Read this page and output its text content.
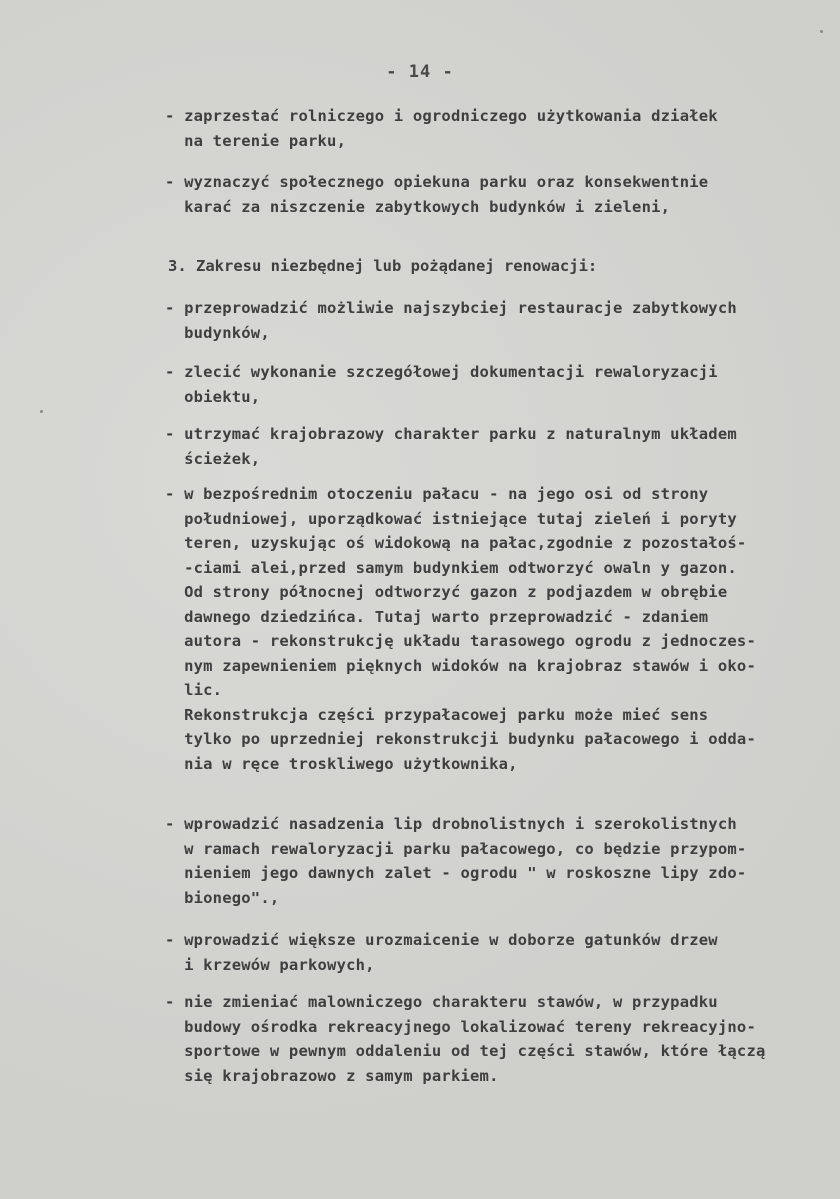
- 14 -
- zaprzestać rolniczego i ogrodniczego użytkowania działek
na terenie parku,
- wyznaczyć społecznego opiekuna parku oraz konsekwentnie
karać za niszczenie zabytkowych budynków i zieleni,
3. Zakresu niezbędnej lub pożądanej renowacji:
- przeprowadzić możliwie najszybciej restauracje zabytkowych
budynków,
- zlecić wykonanie szczegółowej dokumentacji rewaloryzacji
obiektu,
- utrzymać krajobrazowy charakter parku z naturalnym układem
ścieżek,
- w bezpośrednim otoczeniu pałacu - na jego osi od strony
południowej, uporządkować istniejące tutaj zieleń i poryty
teren, uzyskując oś widokową na pałac,zgodnie z pozostałoś-
-ciami alei,przed samym budynkiem odtworzyć owaln y gazon.
Od strony północnej odtworzyć gazon z podjazdem w obrębie
dawnego dziedzińca. Tutaj warto przeprowadzić - zdaniem
autora - rekonstrukcję układu tarasowego ogrodu z jednoczes-
nym zapewnieniem pięknych widoków na krajobraz stawów i oko-
lic.
Rekonstrukcja części przypałacowej parku może mieć sens
tylko po uprzedniej rekonstrukcji budynku pałacowego i oddа-
nia w ręce troskliwego użytkownika,
- wprowadzić nasadzenia lip drobnolistnych i szerokolistnych
w ramach rewaloryzacji parku pałacowego, co będzie przypom-
nieniem jego dawnych zalet - ogrodu " w roskoszne lipy zdo-
bionego".,
- wprowadzić większe urozmaicenie w doborze gatunków drzew
i krzewów parkowych,
- nie zmieniać malowniczego charakteru stawów, w przypadku
budowy ośrodka rekreacyjnego lokalizować tereny rekreacyjno-
sportowe w pewnym oddaleniu od tej części stawów, które łączą
się krajobrazowo z samym parkiem.
